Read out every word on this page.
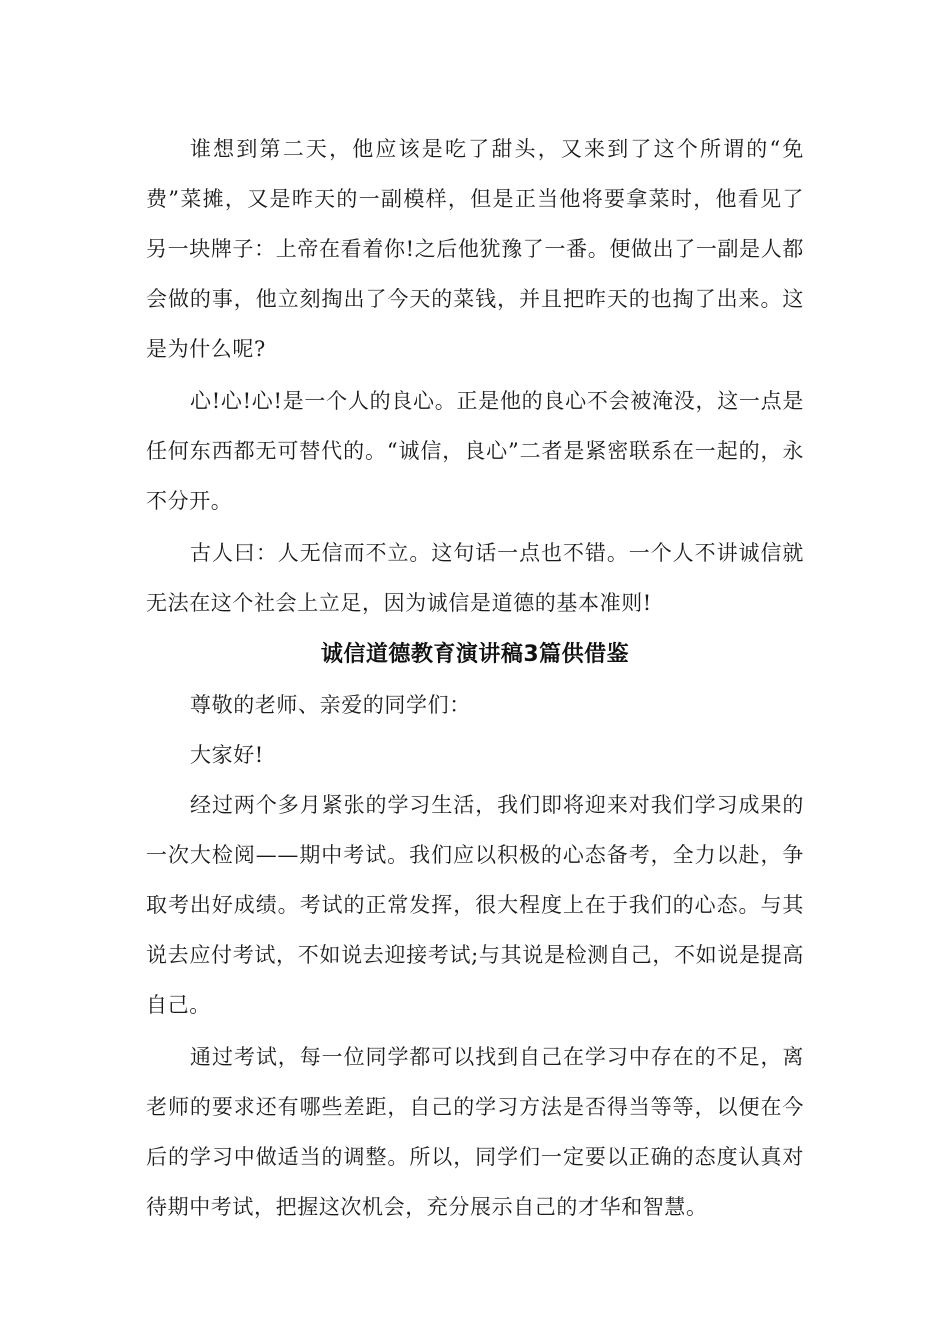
谁想到第二天，他应该是吃了甜头，又来到了这个所谓的“免费”菜摊，又是昨天的一副模样，但是正当他将要拿菜时，他看见了另一块牌子：上帝在看着你!之后他犹豫了一番。便做出了一副是人都会做的事，他立刻掏出了今天的菜钱，并且把昨天的也掏了出来。这是为什么呢?

心!心!心!是一个人的良心。正是他的良心不会被淹没，这一点是任何东西都无可替代的。“诚信，良心”二者是紧密联系在一起的，永不分开。

古人曰：人无信而不立。这句话一点也不错。一个人不讲诚信就无法在这个社会上立足，因为诚信是道德的基本准则!

诚信道德教育演讲稿3篇供借鉴

尊敬的老师、亲爱的同学们：

大家好!

经过两个多月紧张的学习生活，我们即将迎来对我们学习成果的一次大检阅——期中考试。我们应以积极的心态备考，全力以赴，争取考出好成绩。考试的正常发挥，很大程度上在于我们的心态。与其说去应付考试，不如说去迎接考试;与其说是检测自己，不如说是提高自己。

通过考试，每一位同学都可以找到自己在学习中存在的不足，离老师的要求还有哪些差距，自己的学习方法是否得当等等，以便在今后的学习中做适当的调整。所以，同学们一定要以正确的态度认真对待期中考试，把握这次机会，充分展示自己的才华和智慧。
